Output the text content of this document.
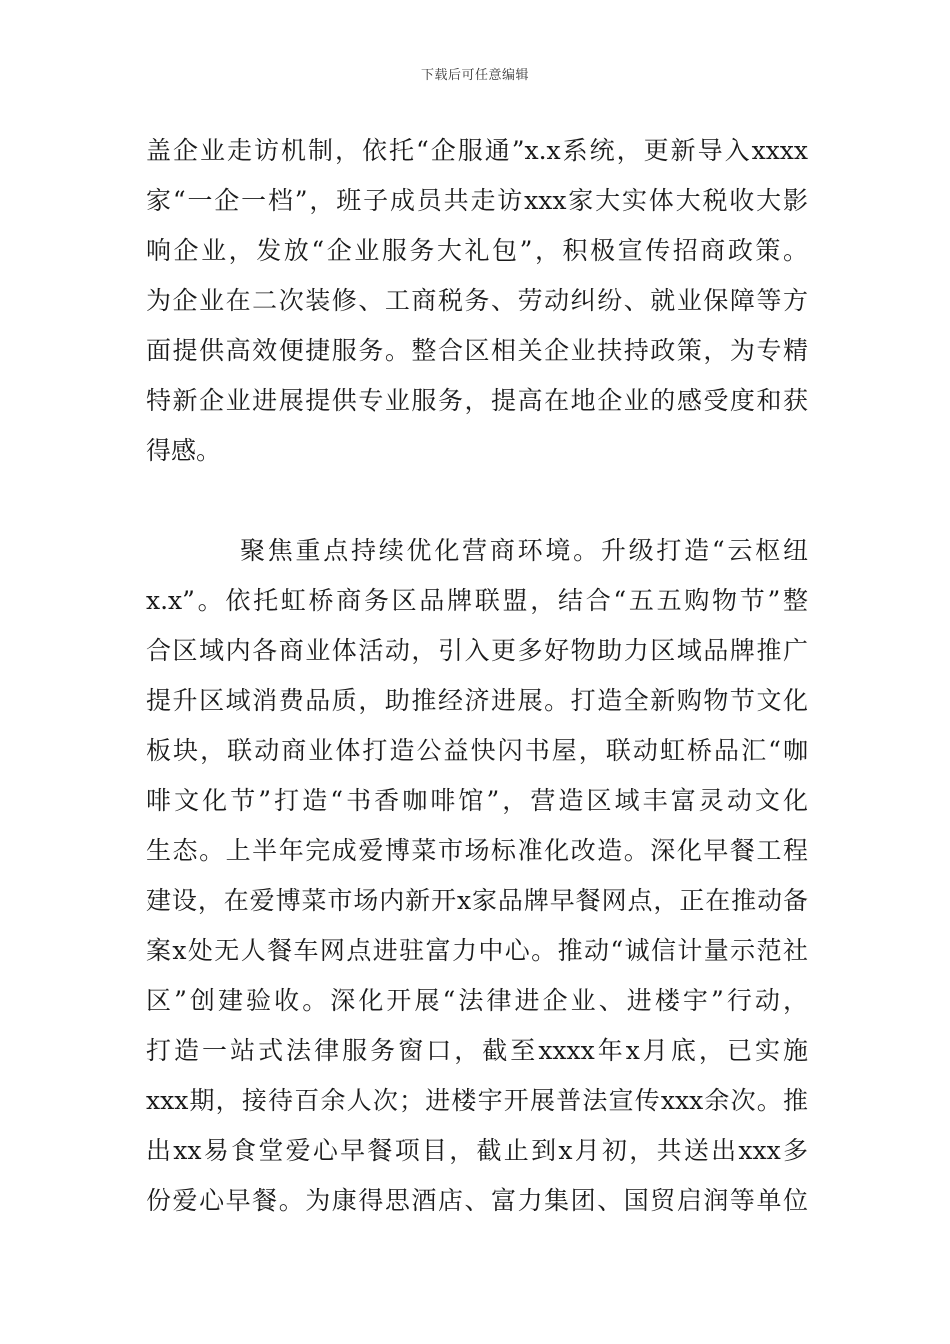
下载后可任意编辑
盖企业走访机制，依托“企服通”x.x系统，更新导入xxxx
家“一企一档”，班子成员共走访xxx家大实体大税收大影
响企业，发放“企业服务大礼包”，积极宣传招商政策。
为企业在二次装修、工商税务、劳动纠纷、就业保障等方
面提供高效便捷服务。整合区相关企业扶持政策，为专精
特新企业进展提供专业服务，提高在地企业的感受度和获
得感。
聚焦重点持续优化营商环境。升级打造“云枢纽
x.x”。依托虹桥商务区品牌联盟，结合“五五购物节”整
合区域内各商业体活动，引入更多好物助力区域品牌推广
提升区域消费品质，助推经济进展。打造全新购物节文化
板块，联动商业体打造公益快闪书屋，联动虹桥品汇“咖
啡文化节”打造“书香咖啡馆”，营造区域丰富灵动文化
生态。上半年完成爱博菜市场标准化改造。深化早餐工程
建设，在爱博菜市场内新开x家品牌早餐网点，正在推动备
案x处无人餐车网点进驻富力中心。推动“诚信计量示范社
区”创建验收。深化开展“法律进企业、进楼宇”行动，
打造一站式法律服务窗口，截至xxxx年x月底，已实施
xxx期，接待百余人次；进楼宇开展普法宣传xxx余次。推
出xx易食堂爱心早餐项目，截止到x月初，共送出xxx多
份爱心早餐。为康得思酒店、富力集团、国贸启润等单位
